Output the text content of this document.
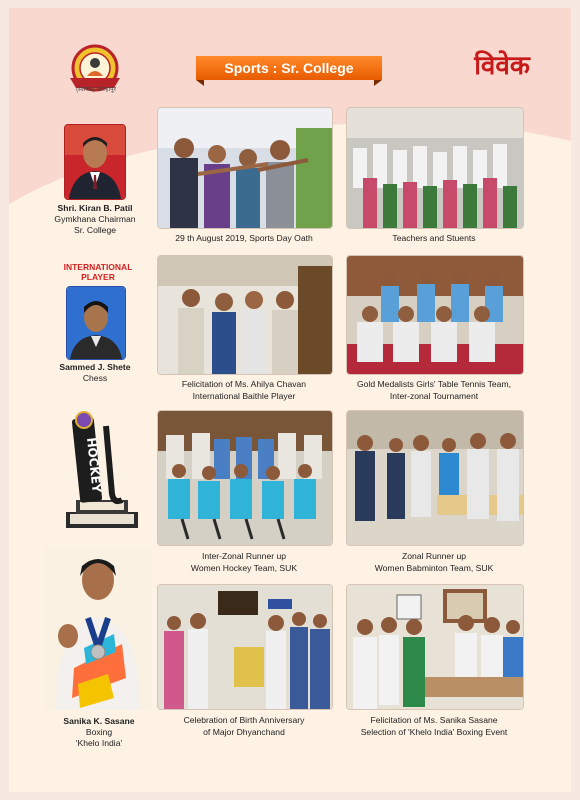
(स्वायत्त) कोल्हापूर
Sports : Sr. College	विवेक
Shri. Kiran B. Patil
Gymkhana Chairman
Sr. College
INTERNATIONAL PLAYER
Sammed J. Shete
Chess
HOCKEY
Sanika K. Sasane
Boxing
'Khelo India'
29 th August 2019, Sports Day Oath	Teachers and Stuents
Felicitation of Ms. Ahilya Chavan
International Baithle Player
Gold Medalists Girls' Table Tennis Team,
Inter-zonal Tournament
Inter-Zonal Runner up
Women Hockey Team, SUK
Zonal Runner up
Women Babminton Team, SUK
Celebration of Birth Anniversary
of Major Dhyanchand
Felicitation of Ms. Sanika Sasane
Selection of 'Khelo India' Boxing Event
